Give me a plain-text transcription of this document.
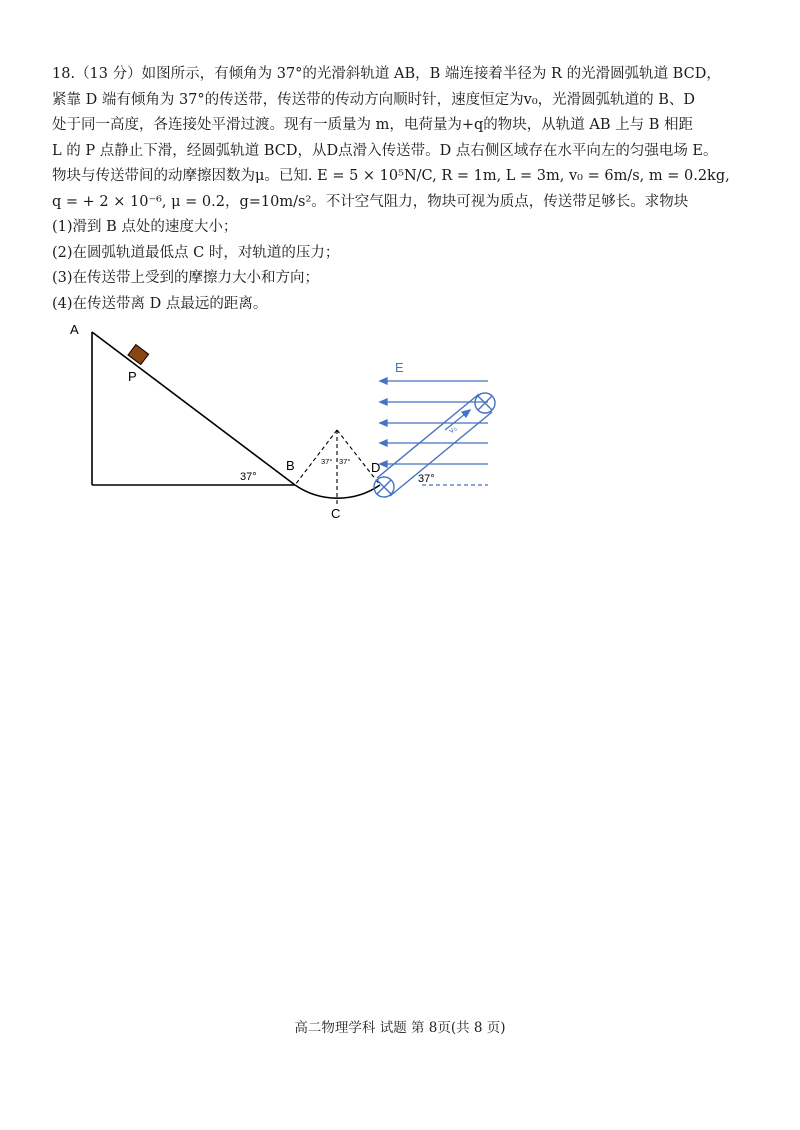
18.（13 分）如图所示，有倾角为 37°的光滑斜轨道 AB，B 端连接着半径为 R 的光滑圆弧轨道 BCD，

紧靠 D 端有倾角为 37°的传送带，传送带的传动方向顺时针，速度恒定为v₀，光滑圆弧轨道的 B、D

处于同一高度，各连接处平滑过渡。现有一质量为 m，电荷量为+q的物块，从轨道 AB 上与 B 相距

L 的 P 点静止下滑，经圆弧轨道 BCD，从D点滑入传送带。D 点右侧区域存在水平向左的匀强电场 E。

物块与传送带间的动摩擦因数为μ。已知. E = 5 × 10⁵N/C, R = 1m, L = 3m, v₀ = 6m/s, m = 0.2kg,

q = + 2 × 10⁻⁶, μ = 0.2，g=10m/s²。不计空气阻力，物块可视为质点，传送带足够长。求物块

(1)滑到 B 点处的速度大小；
(2)在圆弧轨道最低点 C 时，对轨道的压力；
(3)在传送带上受到的摩擦力大小和方向；
(4)在传送带离 D 点最远的距离。
A
P
B
C
D
37°
37° 37°
37°
E
v₀
高二物理学科 试题 第 8页(共 8 页)
